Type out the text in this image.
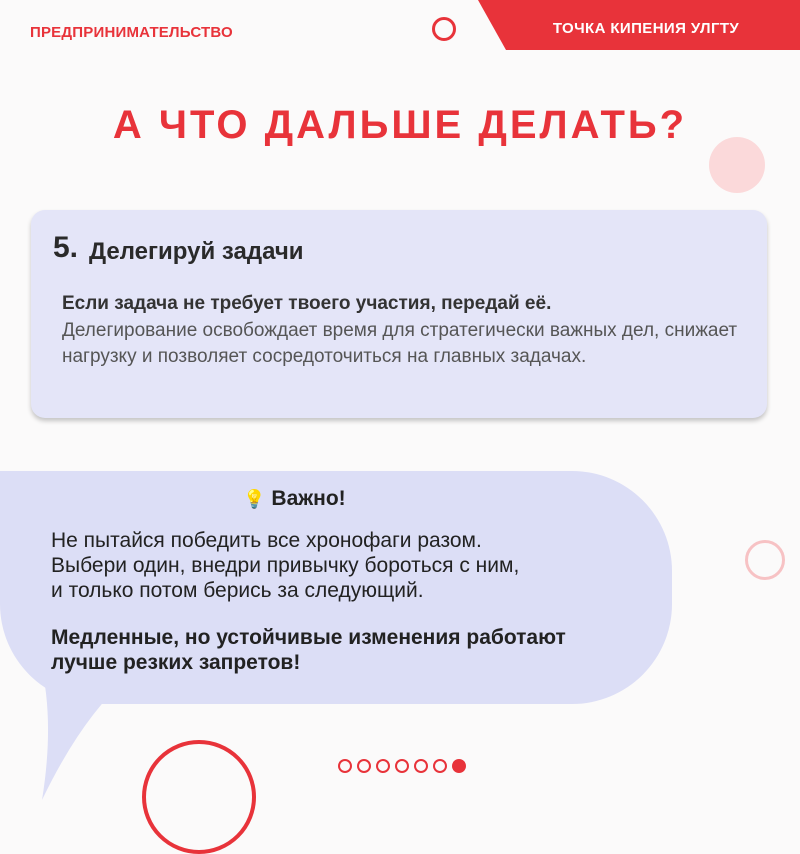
ПРЕДПРИНИМАТЕЛЬСТВО	ТОЧКА КИПЕНИЯ УЛГТУ
А ЧТО ДАЛЬШЕ ДЕЛАТЬ?
5. Делегируй задачи
Если задача не требует твоего участия, передай её.
Делегирование освобождает время для стратегически важных дел, снижает нагрузку и позволяет сосредоточиться на главных задачах.
💡 Важно!
Не пытайся победить все хронофаги разом.
Выбери один, внедри привычку бороться с ним,
и только потом берись за следующий.
Медленные, но устойчивые изменения работают
лучше резких запретов!
